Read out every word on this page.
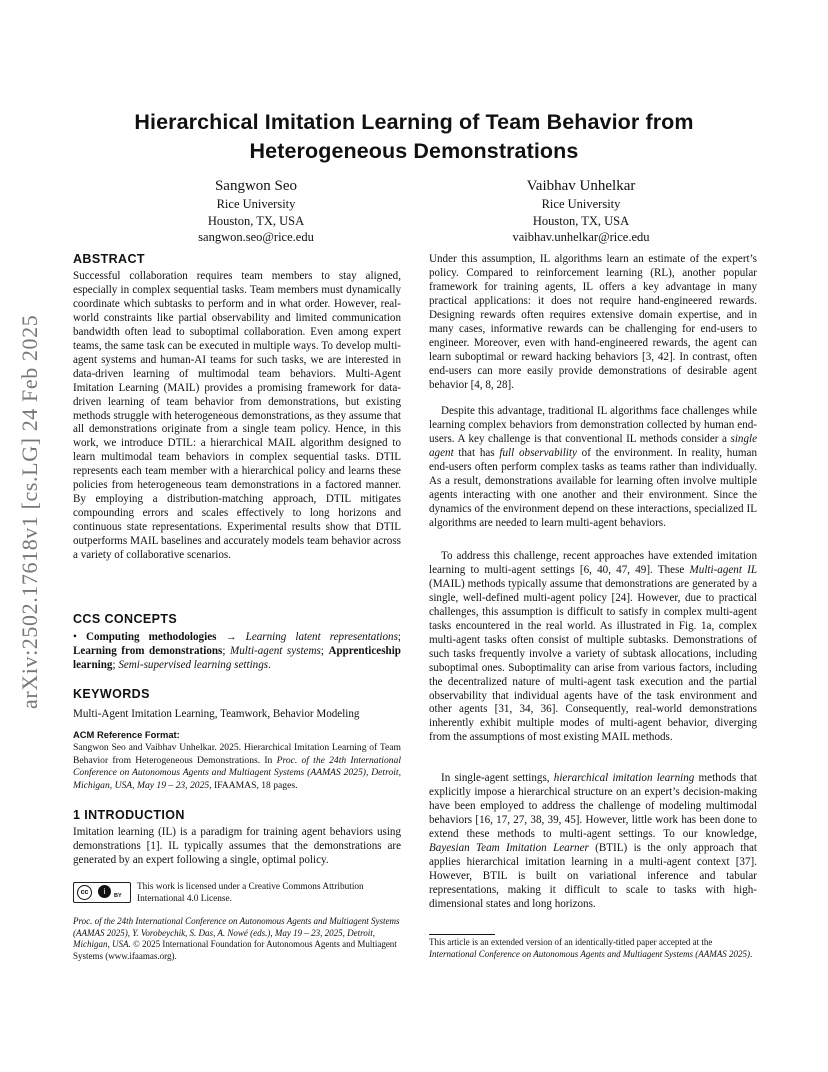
arXiv:2502.17618v1 [cs.LG] 24 Feb 2025
Hierarchical Imitation Learning of Team Behavior from
Heterogeneous Demonstrations
Sangwon Seo
Rice University
Houston, TX, USA
sangwon.seo@rice.edu
Vaibhav Unhelkar
Rice University
Houston, TX, USA
vaibhav.unhelkar@rice.edu
ABSTRACT
Successful collaboration requires team members to stay aligned, especially in complex sequential tasks. Team members must dynamically coordinate which subtasks to perform and in what order. However, real-world constraints like partial observability and limited communication bandwidth often lead to suboptimal collaboration. Even among expert teams, the same task can be executed in multiple ways. To develop multi-agent systems and human-AI teams for such tasks, we are interested in data-driven learning of multimodal team behaviors. Multi-Agent Imitation Learning (MAIL) provides a promising framework for data-driven learning of team behavior from demonstrations, but existing methods struggle with heterogeneous demonstrations, as they assume that all demonstrations originate from a single team policy. Hence, in this work, we introduce DTIL: a hierarchical MAIL algorithm designed to learn multimodal team behaviors in complex sequential tasks. DTIL represents each team member with a hierarchical policy and learns these policies from heterogeneous team demonstrations in a factored manner. By employing a distribution-matching approach, DTIL mitigates compounding errors and scales effectively to long horizons and continuous state representations. Experimental results show that DTIL outperforms MAIL baselines and accurately models team behavior across a variety of collaborative scenarios.
CCS CONCEPTS
• Computing methodologies → Learning latent representations; Learning from demonstrations; Multi-agent systems; Apprenticeship learning; Semi-supervised learning settings.
KEYWORDS
Multi-Agent Imitation Learning, Teamwork, Behavior Modeling
ACM Reference Format:
Sangwon Seo and Vaibhav Unhelkar. 2025. Hierarchical Imitation Learning of Team Behavior from Heterogeneous Demonstrations. In Proc. of the 24th International Conference on Autonomous Agents and Multiagent Systems (AAMAS 2025), Detroit, Michigan, USA, May 19 – 23, 2025, IFAAMAS, 18 pages.
1 INTRODUCTION
Imitation learning (IL) is a paradigm for training agent behaviors using demonstrations [1]. IL typically assumes that the demonstrations are generated by an expert following a single, optimal policy.
cc	i	BY
This work is licensed under a Creative Commons Attribution International 4.0 License.
Proc. of the 24th International Conference on Autonomous Agents and Multiagent Systems (AAMAS 2025), Y. Vorobeychik, S. Das, A. Nowé (eds.), May 19 – 23, 2025, Detroit, Michigan, USA. © 2025 International Foundation for Autonomous Agents and Multiagent Systems (www.ifaamas.org).
Under this assumption, IL algorithms learn an estimate of the expert’s policy. Compared to reinforcement learning (RL), another popular framework for training agents, IL offers a key advantage in many practical applications: it does not require hand-engineered rewards. Designing rewards often requires extensive domain expertise, and in many cases, informative rewards can be challenging for end-users to engineer. Moreover, even with hand-engineered rewards, the agent can learn suboptimal or reward hacking behaviors [3, 42]. In contrast, often end-users can more easily provide demonstrations of desirable agent behavior [4, 8, 28].
Despite this advantage, traditional IL algorithms face challenges while learning complex behaviors from demonstration collected by human end-users. A key challenge is that conventional IL methods consider a single agent that has full observability of the environment. In reality, human end-users often perform complex tasks as teams rather than individually. As a result, demonstrations available for learning often involve multiple agents interacting with one another and their environment. Since the dynamics of the environment depend on these interactions, specialized IL algorithms are needed to learn multi-agent behaviors.
To address this challenge, recent approaches have extended imitation learning to multi-agent settings [6, 40, 47, 49]. These Multi-agent IL (MAIL) methods typically assume that demonstrations are generated by a single, well-defined multi-agent policy [24]. However, due to practical challenges, this assumption is difficult to satisfy in complex multi-agent tasks encountered in the real world. As illustrated in Fig. 1a, complex multi-agent tasks often consist of multiple subtasks. Demonstrations of such tasks frequently involve a variety of subtask allocations, including suboptimal ones. Suboptimality can arise from various factors, including the decentralized nature of multi-agent task execution and the partial observability that individual agents have of the task environment and other agents [31, 34, 36]. Consequently, real-world demonstrations inherently exhibit multiple modes of multi-agent behavior, diverging from the assumptions of most existing MAIL methods.
In single-agent settings, hierarchical imitation learning methods that explicitly impose a hierarchical structure on an expert’s decision-making have been employed to address the challenge of modeling multimodal behaviors [16, 17, 27, 38, 39, 45]. However, little work has been done to extend these methods to multi-agent settings. To our knowledge, Bayesian Team Imitation Learner (BTIL) is the only approach that applies hierarchical imitation learning in a multi-agent context [37]. However, BTIL is built on variational inference and tabular representations, making it difficult to scale to tasks with high-dimensional states and long horizons.
This article is an extended version of an identically-titled paper accepted at the International Conference on Autonomous Agents and Multiagent Systems (AAMAS 2025).
